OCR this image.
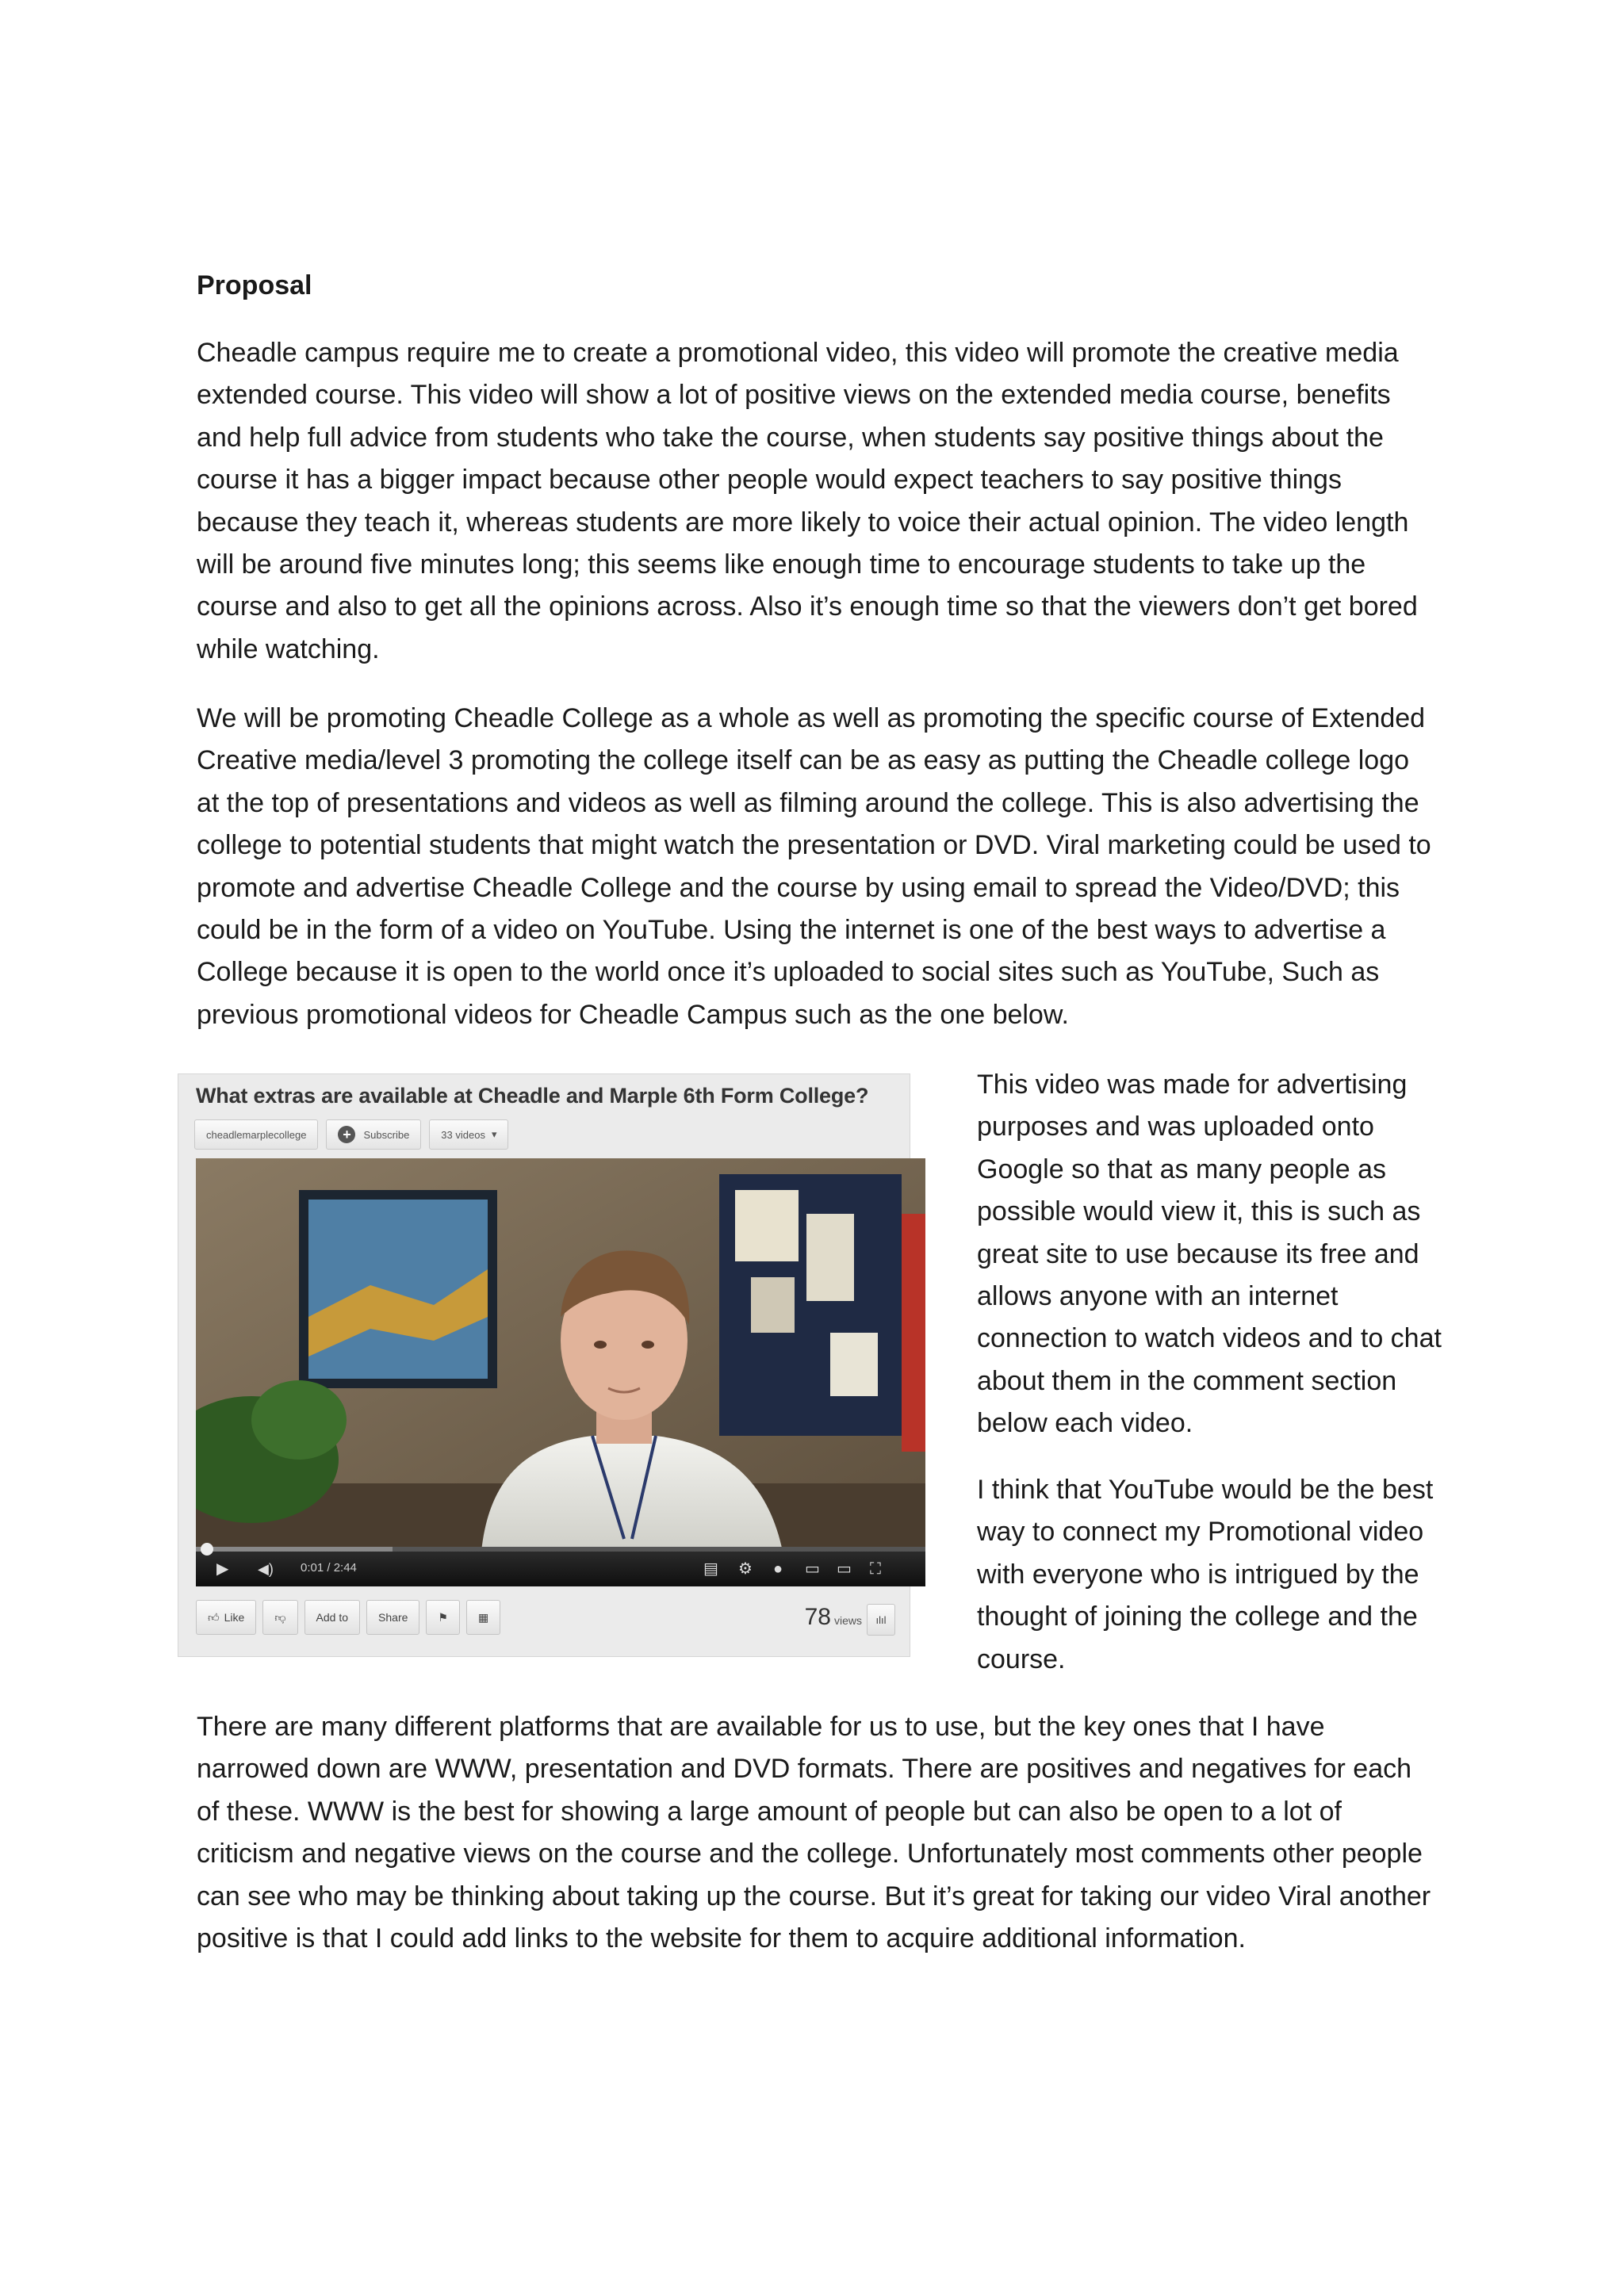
Proposal

Cheadle campus require me to create a promotional video, this video will promote the creative media extended course. This video will show a lot of positive views on the extended media course, benefits and help full advice from students who take the course, when students say positive things about the course it has a bigger impact because other people would expect teachers to say positive things because they teach it, whereas students are more likely to voice their actual opinion. The video length will be around five minutes long; this seems like enough time to encourage students to take up the course and also to get all the opinions across. Also it’s enough time so that the viewers don’t get bored while watching.

We will be promoting Cheadle College as a whole as well as promoting the specific course of Extended Creative media/level 3 promoting the college itself can be as easy as putting the Cheadle college logo at the top of presentations and videos as well as filming around the college. This is also advertising the college to potential students that might watch the presentation or DVD. Viral marketing could be used to promote and advertise Cheadle College and the course by using email to spread the Video/DVD; this could be in the form of a video on YouTube. Using the internet is one of the best ways to advertise a College because it is open to the world once it’s uploaded to social sites such as YouTube, Such as previous promotional videos for Cheadle Campus such as the one below.

What extras are available at Cheadle and Marple 6th Form College?
cheadlemarplecollege	+	Subscribe	33 videos ▾
▶ ◀) 0:01 / 2:44	▤ ⚙ ● ▭ ▭ ⛶
👍︎ Like	👎︎	Add to	Share	⚑	▦	78 views ılıl

This video was made for advertising purposes and was uploaded onto Google so that as many people as possible would view it, this is such as great site to use because its free and allows anyone with an internet connection to watch videos and to chat about them in the comment section below each video.

I think that YouTube would be the best way to connect my Promotional video with everyone who is intrigued by the thought of joining the college and the course.

There are many different platforms that are available for us to use, but the key ones that I have narrowed down are WWW, presentation and DVD formats. There are positives and negatives for each of these. WWW is the best for showing a large amount of people but can also be open to a lot of criticism and negative views on the course and the college. Unfortunately most comments other people can see who may be thinking about taking up the course. But it’s great for taking our video Viral another positive is that I could add links to the website for them to acquire additional information.
